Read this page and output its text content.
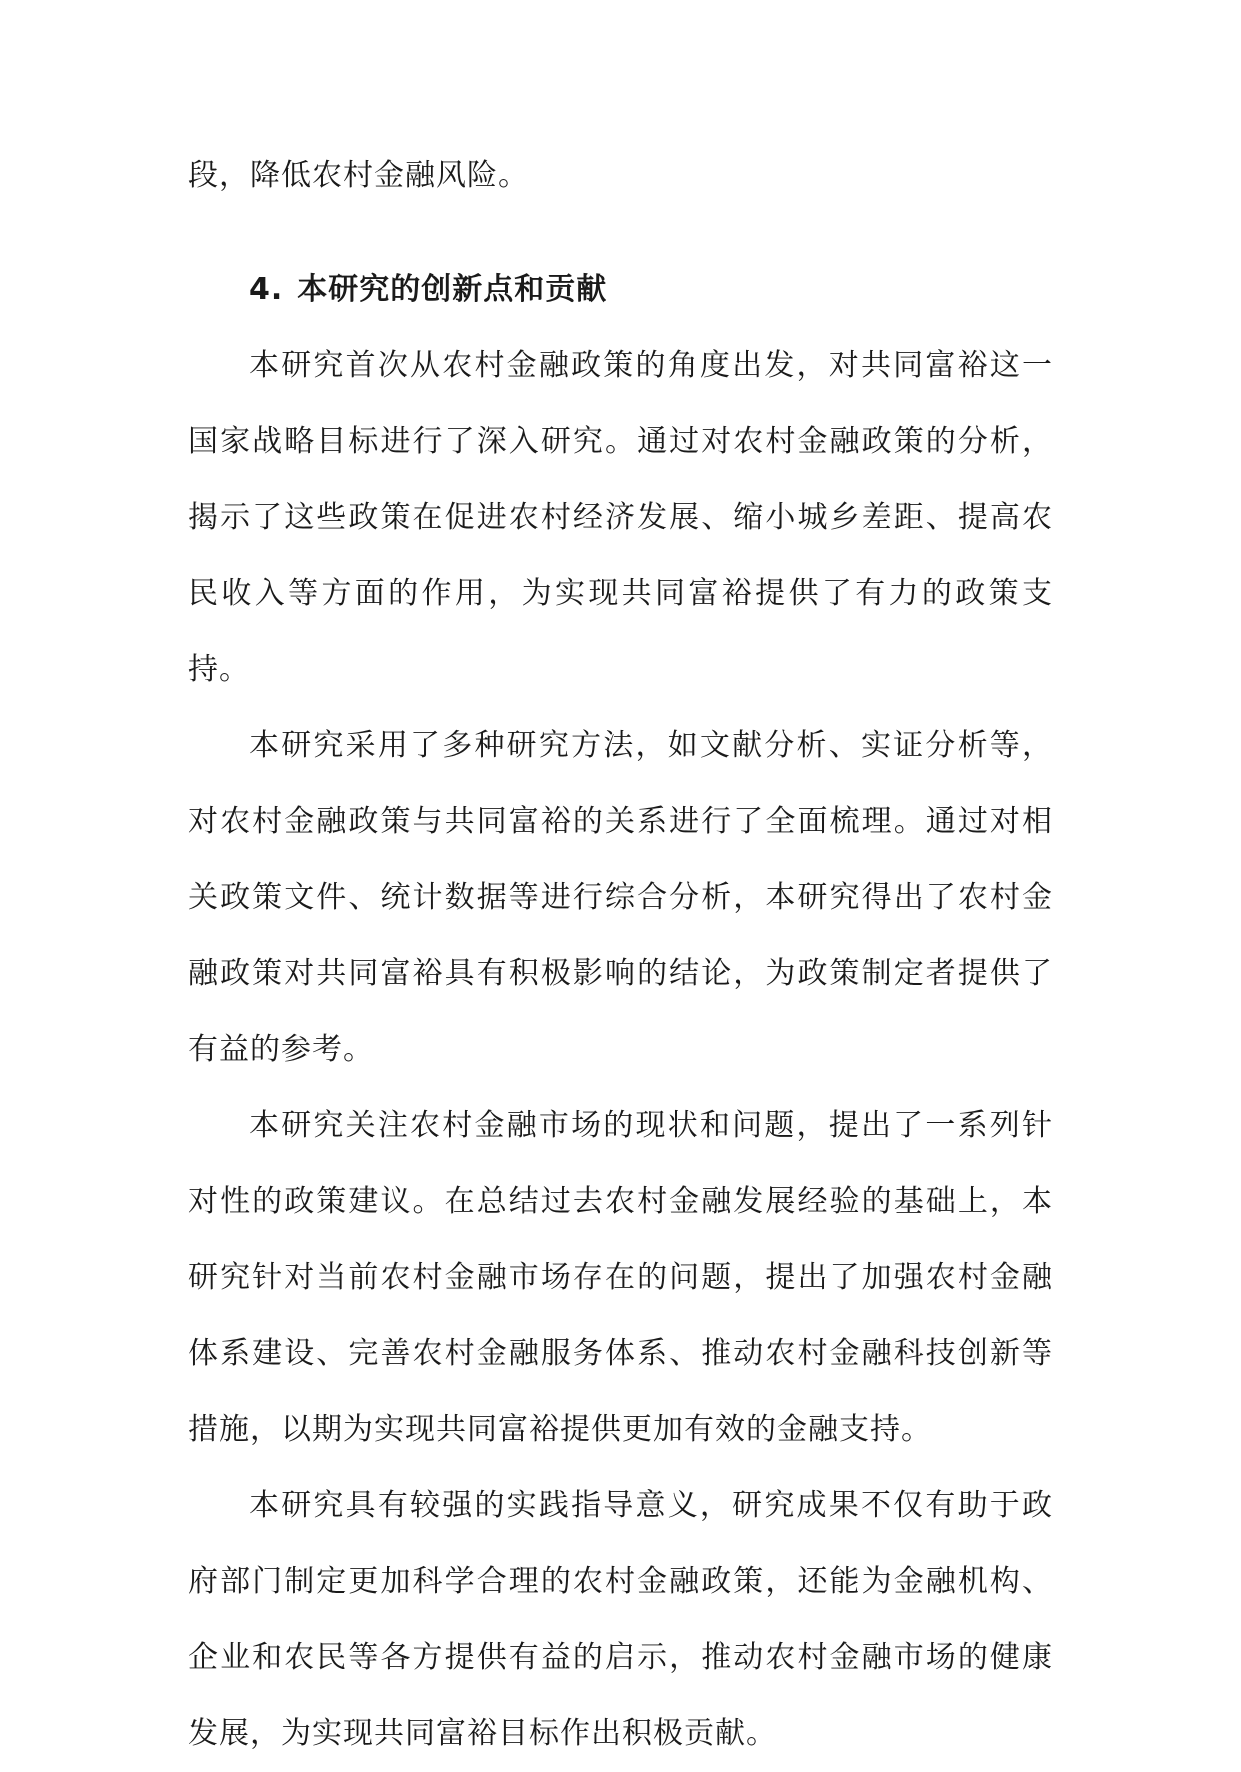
段，降低农村金融风险。

4. 本研究的创新点和贡献

本研究首次从农村金融政策的角度出发，对共同富裕这一国家战略目标进行了深入研究。通过对农村金融政策的分析，揭示了这些政策在促进农村经济发展、缩小城乡差距、提高农民收入等方面的作用，为实现共同富裕提供了有力的政策支持。

本研究采用了多种研究方法，如文献分析、实证分析等，对农村金融政策与共同富裕的关系进行了全面梳理。通过对相关政策文件、统计数据等进行综合分析，本研究得出了农村金融政策对共同富裕具有积极影响的结论，为政策制定者提供了有益的参考。

本研究关注农村金融市场的现状和问题，提出了一系列针对性的政策建议。在总结过去农村金融发展经验的基础上，本研究针对当前农村金融市场存在的问题，提出了加强农村金融体系建设、完善农村金融服务体系、推动农村金融科技创新等措施，以期为实现共同富裕提供更加有效的金融支持。

本研究具有较强的实践指导意义，研究成果不仅有助于政府部门制定更加科学合理的农村金融政策，还能为金融机构、企业和农民等各方提供有益的启示，推动农村金融市场的健康发展，为实现共同富裕目标作出积极贡献。
